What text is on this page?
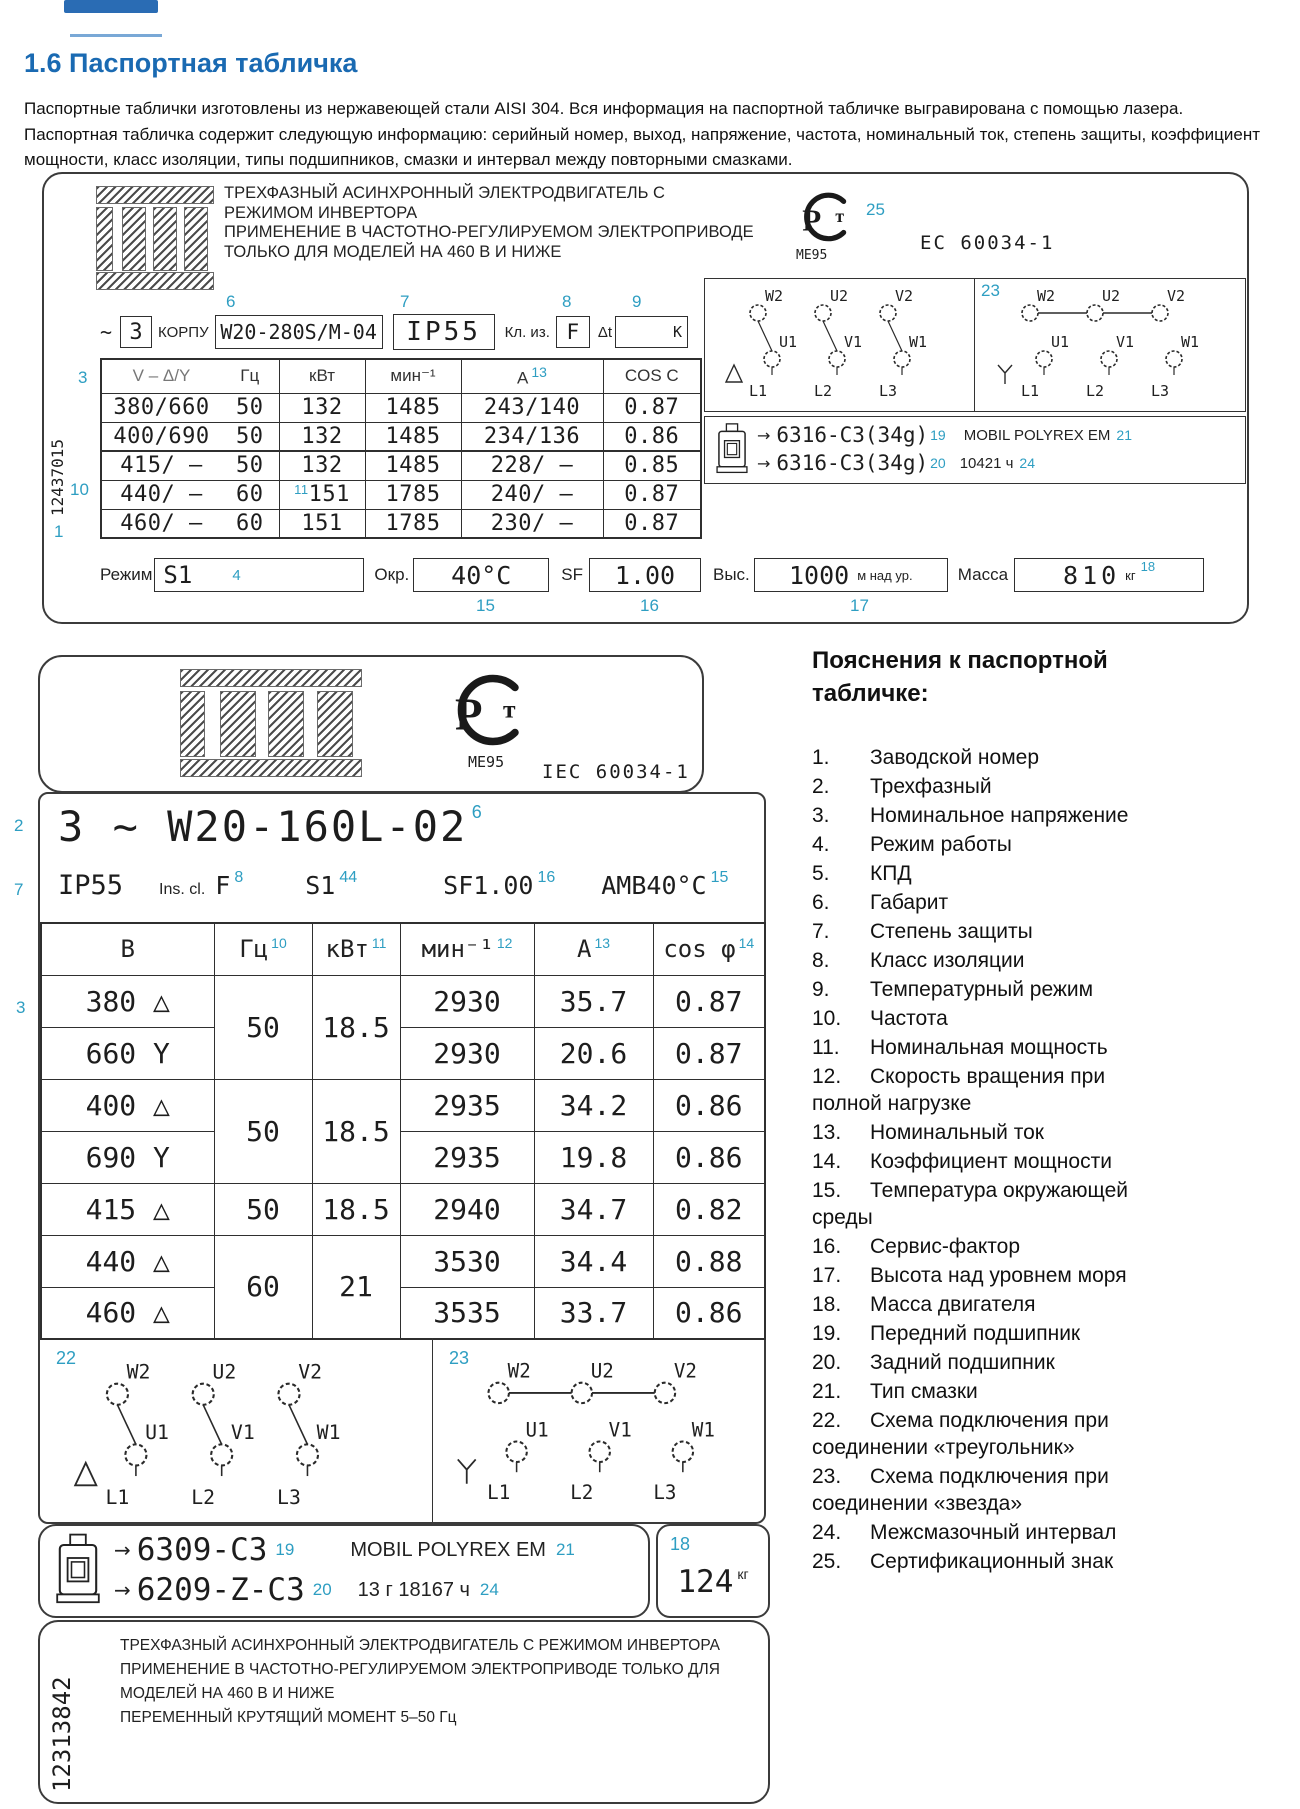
1.6 Паспортная табличка

Паспортные таблички изготовлены из нержавеющей стали AISI 304. Вся информация на паспортной табличке выгравирована с помощью лазера. Паспортная табличка содержит следующую информацию: серийный номер, выход, напряжение, частота, номинальный ток, степень защиты, коэффициент мощности, класс изоляции, типы подшипников, смазки и интервал между повторными смазками.

12437015
1
ТРЕХФАЗНЫЙ АСИНХРОННЫЙ ЭЛЕКТРОДВИГАТЕЛЬ С
РЕЖИМОМ ИНВЕРТОРА
ПРИМЕНЕНИЕ В ЧАСТОТНО-РЕГУЛИРУЕМОМ ЭЛЕКТРОПРИВОДЕ
ТОЛЬКО ДЛЯ МОДЕЛЕЙ НА 460 В И НИЖЕ
Р т 25
ME95
EC 60034-1
6	7	8	9
~ 3	КОРПУ W20-280S/M-04	IP55	Кл. из. F	Δt	K
3
10
V – Δ/Y	Гц	кВт	мин⁻¹	A $^{13}$	COS C
380/660	50	132	1485	243/140	0.87
400/690	50	132	1485	234/136	0.86
415/ –	50	132	1485	228/ –	0.85
440/ –	60	$^{11}$151	1785	240/ –	0.87
460/ –	60	151	1785	230/ –	0.87
W2	U2	V2
U1	V1	W1
L1	L2	L3
23 W2	U2	V2
U1	V1	W1
L1	L2	L3
→ 6316-C3(34g) 19 MOBIL POLYREX EM 21
→ 6316-C3(34g) 20 10421 ч 24
Режим S1	4	Окр.	40°C	SF	1.00	Выс. 1000 м над ур.	Масса 810 кг
18
15	16	17
Р т
ME95 IEC 60034-1
2
7
3
3 ~ W20-160L-02 6
IP55 Ins. cl. F 8 S1 44	SF1.00 16 AMB40°C 15
В	Гц $^{10}$	кВт $^{11}$	мин⁻¹ $^{12}$	A $^{13}$	cos φ $^{14}$
380 △	50	18.5	2930	35.7	0.87
660 Y			2930	20.6	0.87
400 △	50	18.5	2935	34.2	0.86
690 Y			2935	19.8	0.86
415 △	50	18.5	2940	34.7	0.82
440 △	60	21	3530	34.4	0.88
460 △			3535	33.7	0.86
22
W2	U2	V2
U1	V1	W1
L1	L2	L3
23
W2	U2	V2
U1	V1	W1
L1	L2	L3
→ 6309-C3 19	MOBIL POLYREX EM 21
→ 6209-Z-C3 20 13 г 18167 ч 24
18
124 кг
12313842
ТРЕХФАЗНЫЙ АСИНХРОННЫЙ ЭЛЕКТРОДВИГАТЕЛЬ С РЕЖИМОМ ИНВЕРТОРА
ПРИМЕНЕНИЕ В ЧАСТОТНО-РЕГУЛИРУЕМОМ ЭЛЕКТРОПРИВОДЕ ТОЛЬКО ДЛЯ
МОДЕЛЕЙ НА 460 В И НИЖЕ
ПЕРЕМЕННЫЙ КРУТЯЩИЙ МОМЕНТ 5–50 Гц
Пояснения к паспортной табличке:
1. Заводской номер
2. Трехфазный
3. Номинальное напряжение
4. Режим работы
5. КПД
6. Габарит
7. Степень защиты
8. Класс изоляции
9. Температурный режим
10. Частота
11. Номинальная мощность
12. Скорость вращения при полной нагрузке
13. Номинальный ток
14. Коэффициент мощности
15. Температура окружающей среды
16. Сервис-фактор
17. Высота над уровнем моря
18. Масса двигателя
19. Передний подшипник
20. Задний подшипник
21. Тип смазки
22. Схема подключения при соединении «треугольник»
23. Схема подключения при соединении «звезда»
24. Межсмазочный интервал
25. Сертификационный знак
